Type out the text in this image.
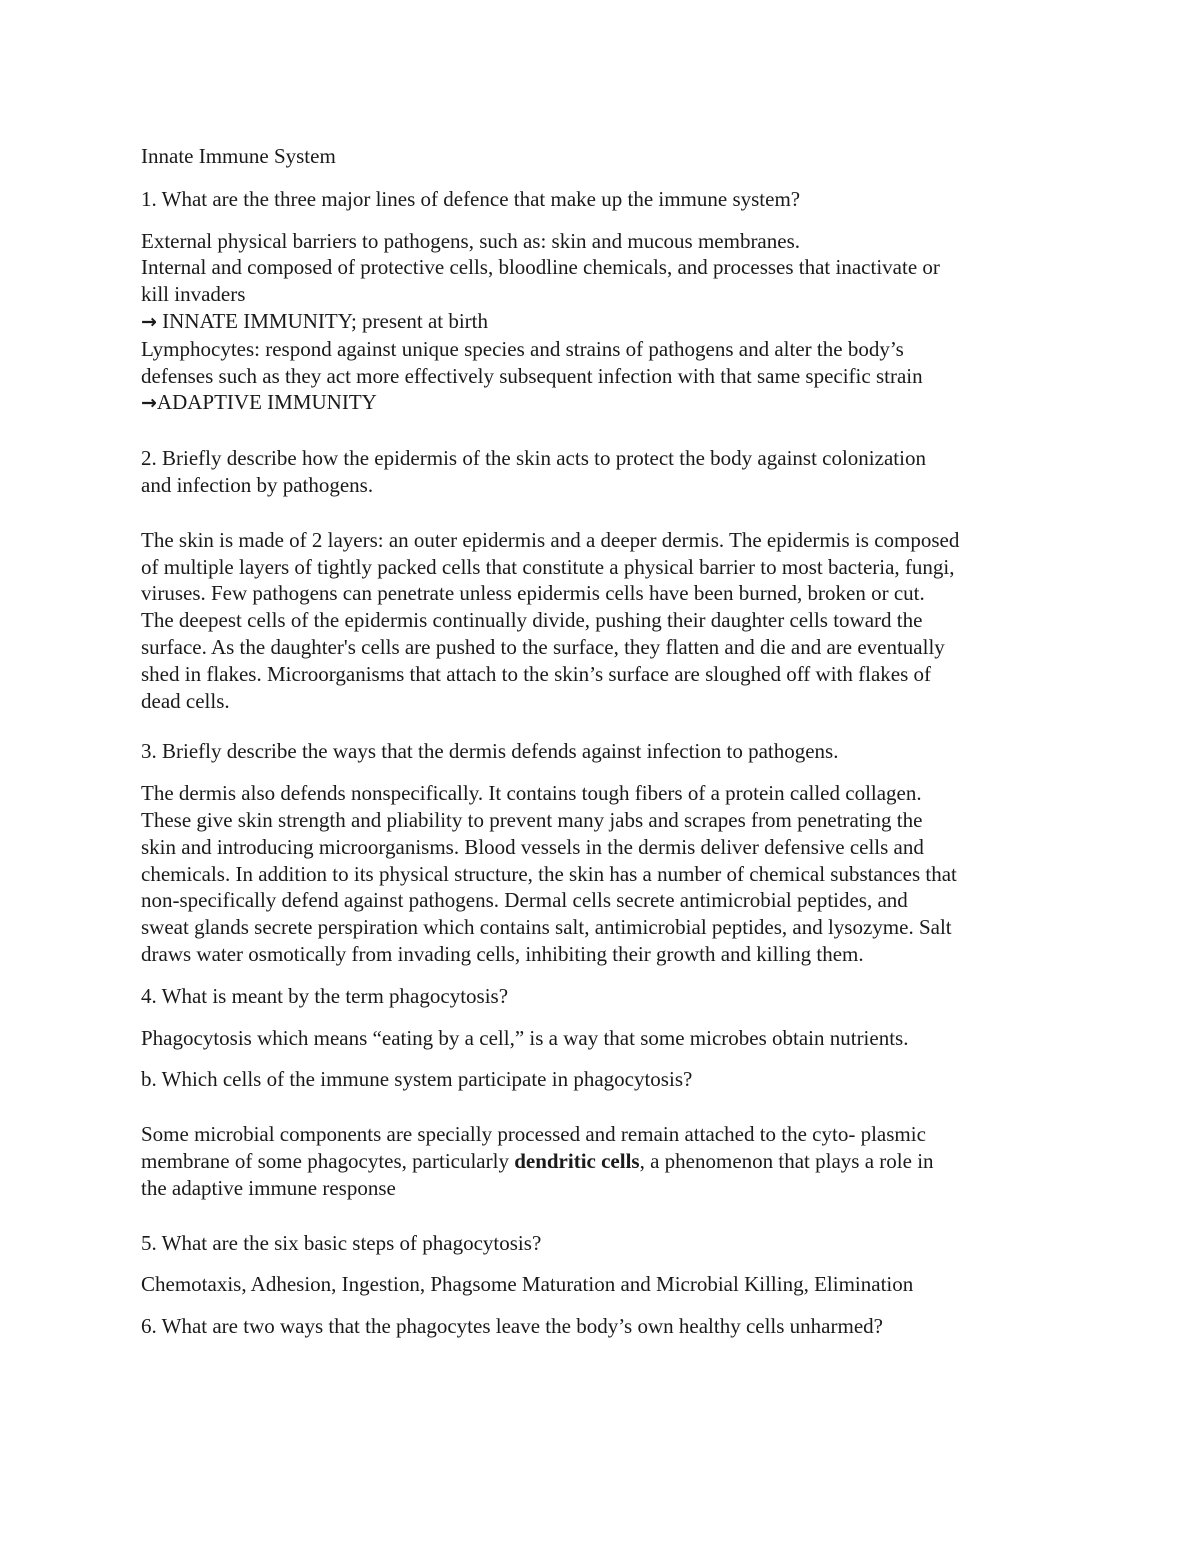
Innate Immune System
1. What are the three major lines of defence that make up the immune system?
External physical barriers to pathogens, such as: skin and mucous membranes.
Internal and composed of protective cells, bloodline chemicals, and processes that inactivate or
kill invaders
→ INNATE IMMUNITY; present at birth
Lymphocytes: respond against unique species and strains of pathogens and alter the body’s
defenses such as they act more effectively subsequent infection with that same specific strain
→ADAPTIVE IMMUNITY
2. Briefly describe how the epidermis of the skin acts to protect the body against colonization
and infection by pathogens.
The skin is made of 2 layers: an outer epidermis and a deeper dermis. The epidermis is composed
of multiple layers of tightly packed cells that constitute a physical barrier to most bacteria, fungi,
viruses. Few pathogens can penetrate unless epidermis cells have been burned, broken or cut.
The deepest cells of the epidermis continually divide, pushing their daughter cells toward the
surface. As the daughter's cells are pushed to the surface, they flatten and die and are eventually
shed in flakes. Microorganisms that attach to the skin’s surface are sloughed off with flakes of
dead cells.
3. Briefly describe the ways that the dermis defends against infection to pathogens.
The dermis also defends nonspecifically. It contains tough fibers of a protein called collagen.
These give skin strength and pliability to prevent many jabs and scrapes from penetrating the
skin and introducing microorganisms. Blood vessels in the dermis deliver defensive cells and
chemicals. In addition to its physical structure, the skin has a number of chemical substances that
non-specifically defend against pathogens. Dermal cells secrete antimicrobial peptides, and
sweat glands secrete perspiration which contains salt, antimicrobial peptides, and lysozyme. Salt
draws water osmotically from invading cells, inhibiting their growth and killing them.
4. What is meant by the term phagocytosis?
Phagocytosis which means “eating by a cell,” is a way that some microbes obtain nutrients.
b. Which cells of the immune system participate in phagocytosis?
Some microbial components are specially processed and remain attached to the cyto- plasmic
membrane of some phagocytes, particularly dendritic cells, a phenomenon that plays a role in
the adaptive immune response
5. What are the six basic steps of phagocytosis?
Chemotaxis, Adhesion, Ingestion, Phagsome Maturation and Microbial Killing, Elimination
6. What are two ways that the phagocytes leave the body’s own healthy cells unharmed?
